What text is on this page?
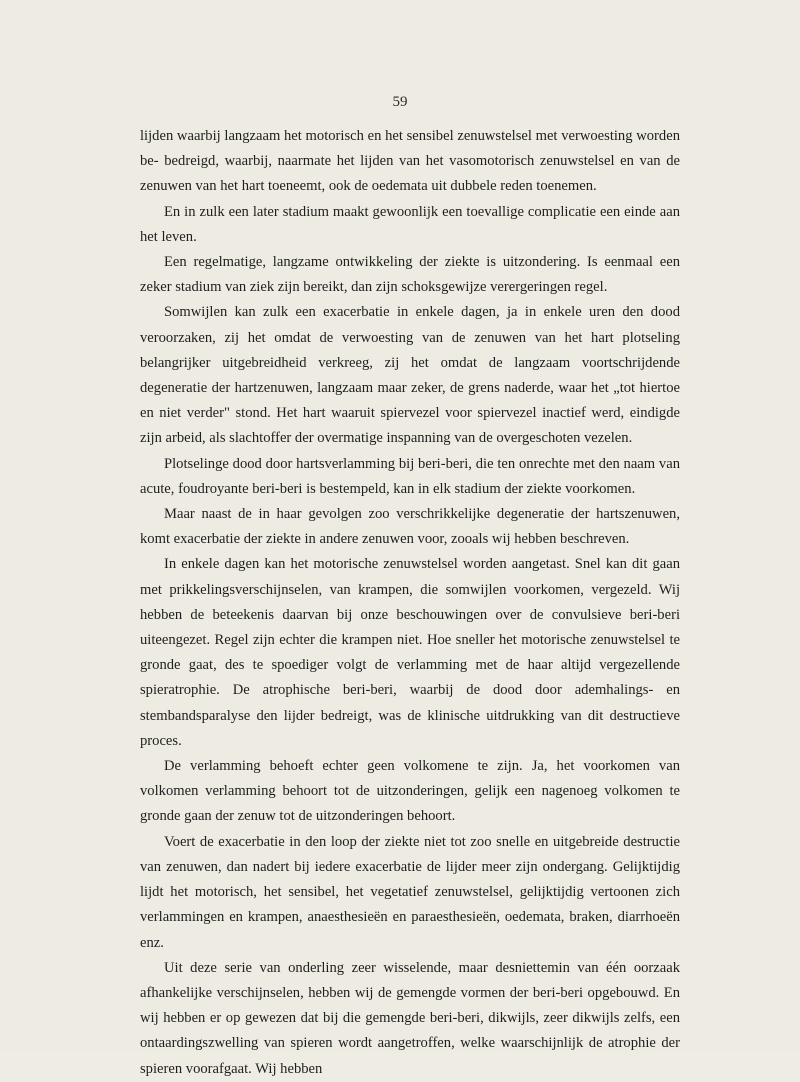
59

lijden waarbij langzaam het motorisch en het sensibel zenuwstelsel met verwoesting worden be- bedreigd, waarbij, naarmate het lijden van het vasomotorisch zenuwstelsel en van de zenuwen van het hart toeneemt, ook de oedemata uit dubbele reden toenemen.

En in zulk een later stadium maakt gewoonlijk een toevallige complicatie een einde aan het leven.

Een regelmatige, langzame ontwikkeling der ziekte is uitzondering. Is eenmaal een zeker stadium van ziek zijn bereikt, dan zijn schoksgewijze verergeringen regel.

Somwijlen kan zulk een exacerbatie in enkele dagen, ja in enkele uren den dood veroorzaken, zij het omdat de verwoesting van de zenuwen van het hart plotseling belangrijker uitgebreidheid verkreeg, zij het omdat de langzaam voortschrijdende degeneratie der hartzenuwen, langzaam maar zeker, de grens naderde, waar het „tot hiertoe en niet verder" stond. Het hart waaruit spiervezel voor spiervezel inactief werd, eindigde zijn arbeid, als slachtoffer der overmatige inspanning van de overgeschoten vezelen.

Plotselinge dood door hartsverlamming bij beri-beri, die ten onrechte met den naam van acute, foudroyante beri-beri is bestempeld, kan in elk stadium der ziekte voorkomen.

Maar naast de in haar gevolgen zoo verschrikkelijke degeneratie der hartszenuwen, komt exacerbatie der ziekte in andere zenuwen voor, zooals wij hebben beschreven.

In enkele dagen kan het motorische zenuwstelsel worden aangetast. Snel kan dit gaan met prikkelingsverschijnselen, van krampen, die somwijlen voorkomen, vergezeld. Wij hebben de beteekenis daarvan bij onze beschouwingen over de convulsieve beri-beri uiteengezet. Regel zijn echter die krampen niet. Hoe sneller het motorische zenuwstelsel te gronde gaat, des te spoediger volgt de verlamming met de haar altijd vergezellende spieratrophie. De atrophische beri-beri, waarbij de dood door ademhalings- en stembandsparalyse den lijder bedreigt, was de klinische uitdrukking van dit destructieve proces.

De verlamming behoeft echter geen volkomene te zijn. Ja, het voorkomen van volkomen verlamming behoort tot de uitzonderingen, gelijk een nagenoeg volkomen te gronde gaan der zenuw tot de uitzonderingen behoort.

Voert de exacerbatie in den loop der ziekte niet tot zoo snelle en uitgebreide destructie van zenuwen, dan nadert bij iedere exacerbatie de lijder meer zijn ondergang. Gelijktijdig lijdt het motorisch, het sensibel, het vegetatief zenuwstelsel, gelijktijdig vertoonen zich verlammingen en krampen, anaesthesieën en paraesthesieën, oedemata, braken, diarrhoeën enz.

Uit deze serie van onderling zeer wisselende, maar desniettemin van één oorzaak afhankelijke verschijnselen, hebben wij de gemengde vormen der beri-beri opgebouwd. En wij hebben er op gewezen dat bij die gemengde beri-beri, dikwijls, zeer dikwijls zelfs, een ontaardingszwelling van spieren wordt aangetroffen, welke waarschijnlijk de atrophie der spieren voorafgaat. Wij hebben
